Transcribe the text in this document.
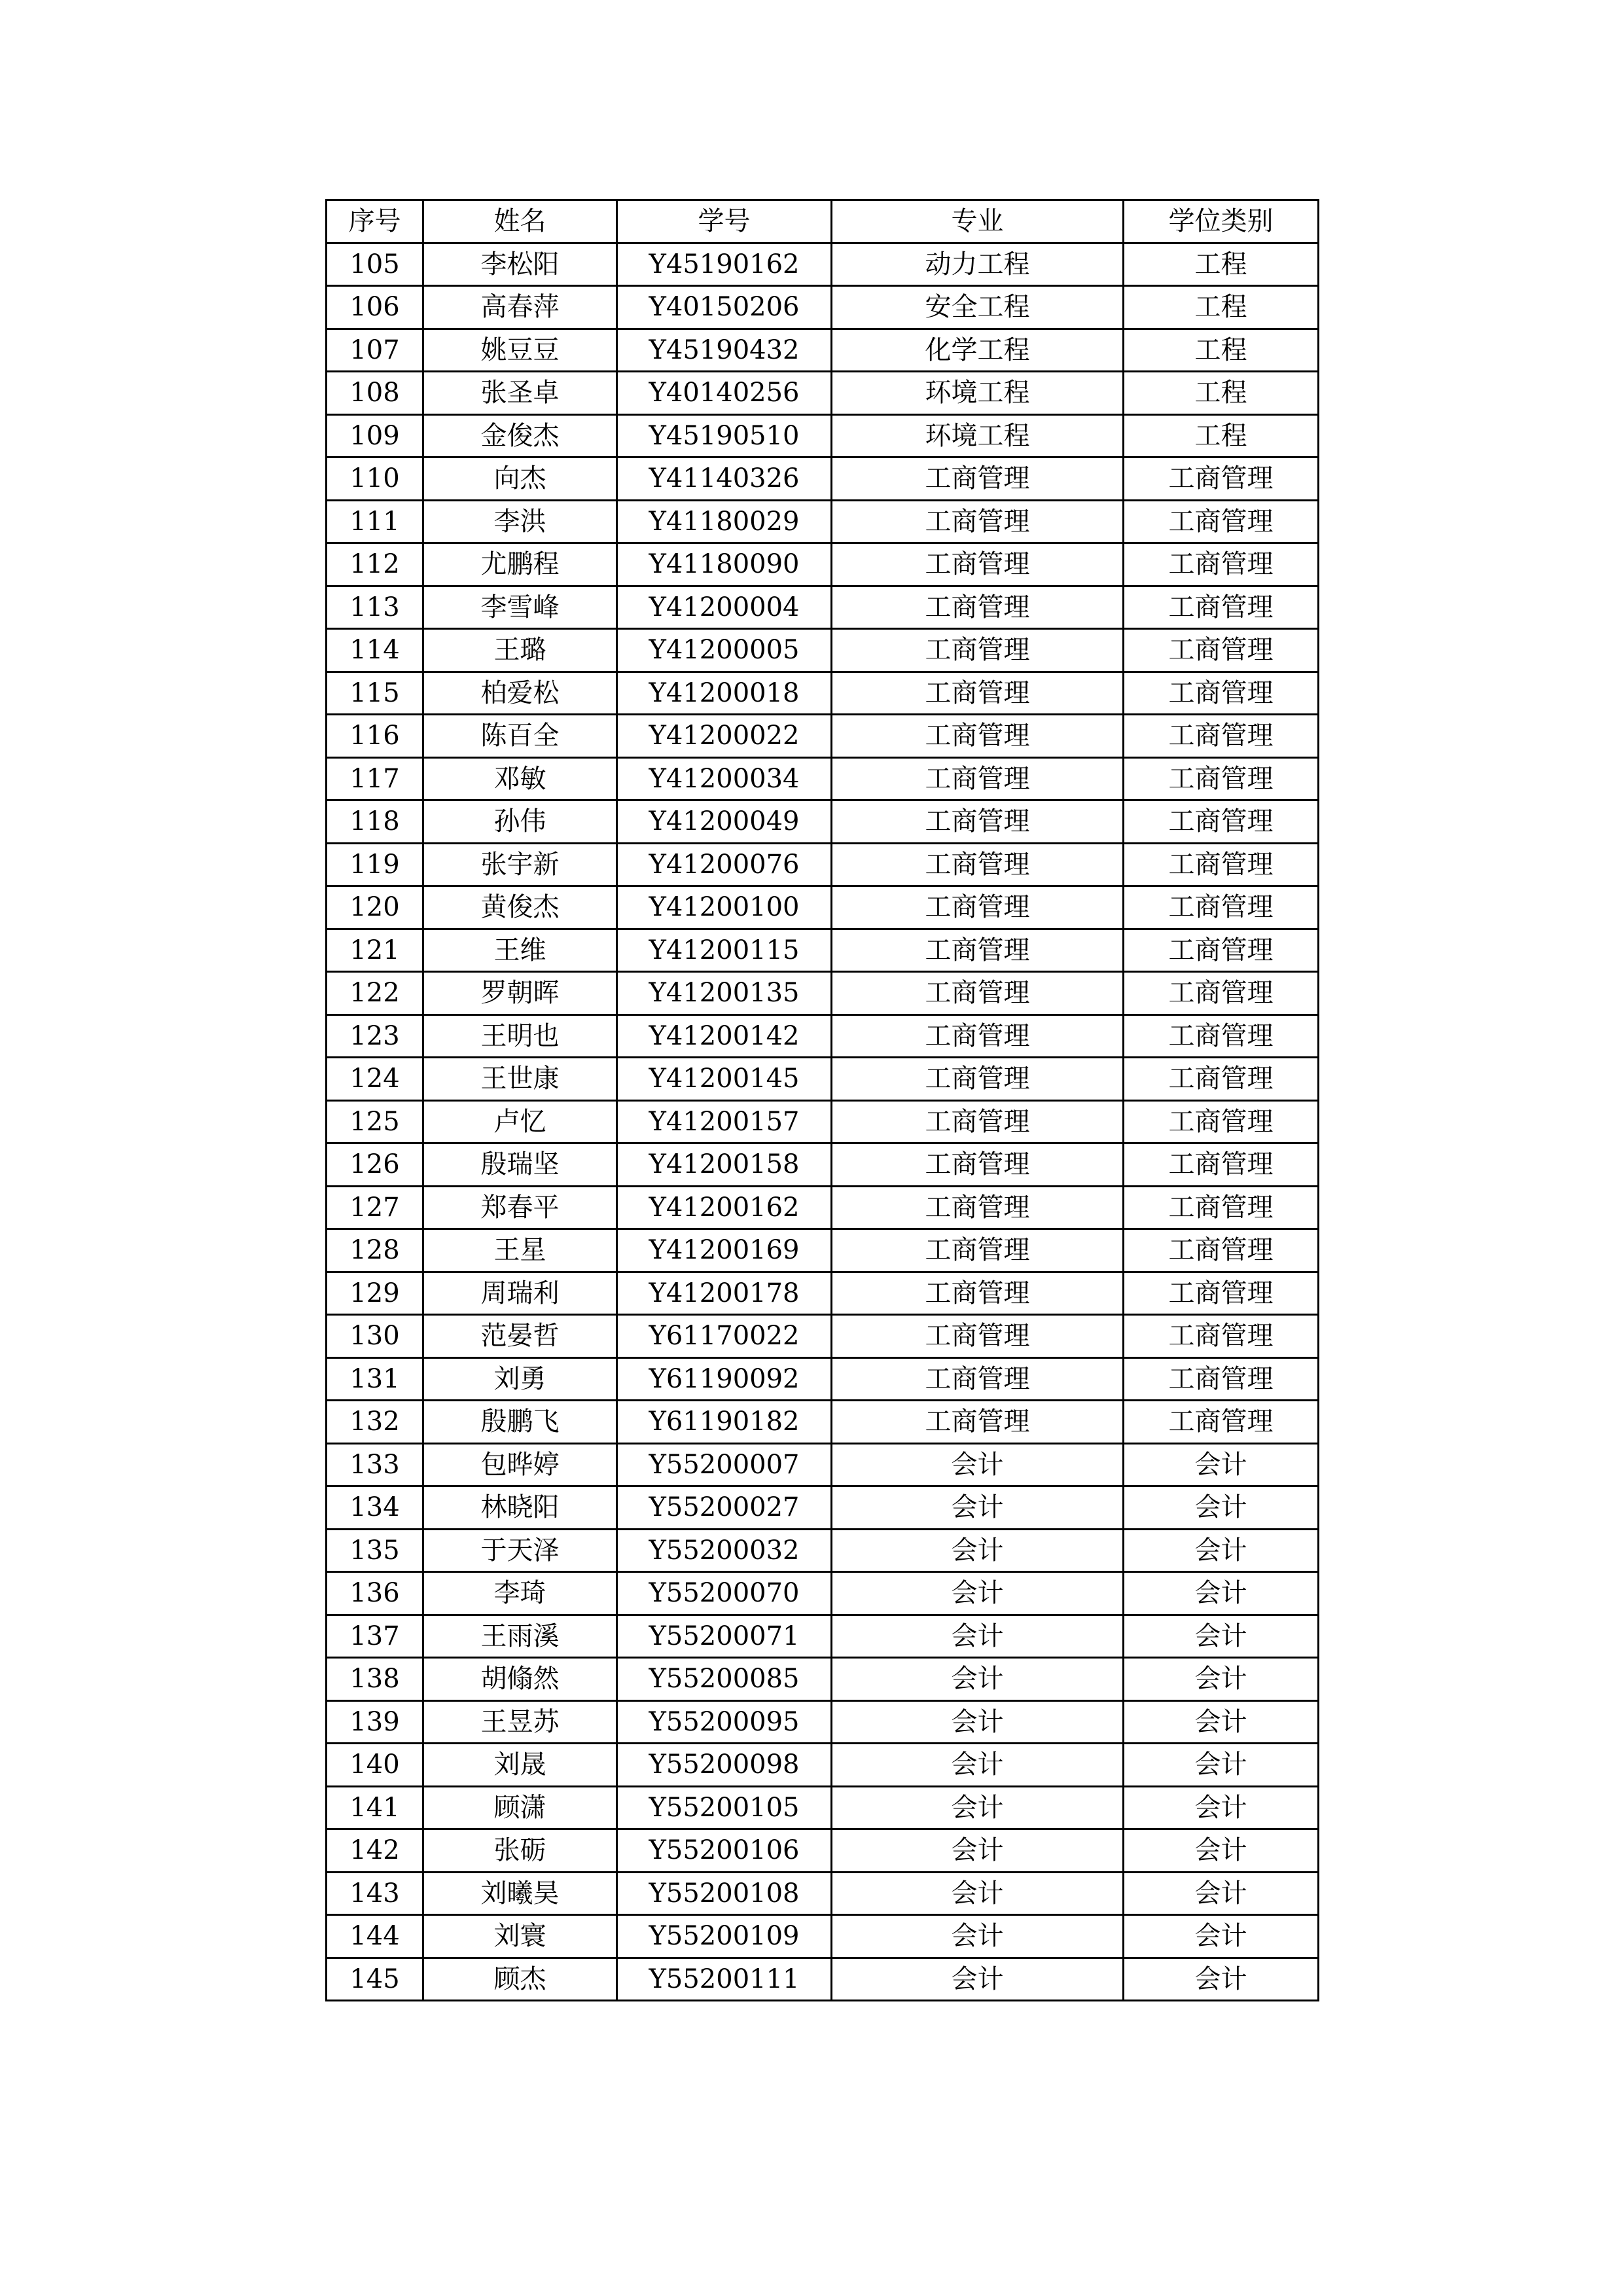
序号	姓名	学号	专业	学位类别
105	李松阳	Y45190162	动力工程	工程
106	高春萍	Y40150206	安全工程	工程
107	姚豆豆	Y45190432	化学工程	工程
108	张圣卓	Y40140256	环境工程	工程
109	金俊杰	Y45190510	环境工程	工程
110	向杰	Y41140326	工商管理	工商管理
111	李洪	Y41180029	工商管理	工商管理
112	尤鹏程	Y41180090	工商管理	工商管理
113	李雪峰	Y41200004	工商管理	工商管理
114	王璐	Y41200005	工商管理	工商管理
115	柏爱松	Y41200018	工商管理	工商管理
116	陈百全	Y41200022	工商管理	工商管理
117	邓敏	Y41200034	工商管理	工商管理
118	孙伟	Y41200049	工商管理	工商管理
119	张宇新	Y41200076	工商管理	工商管理
120	黄俊杰	Y41200100	工商管理	工商管理
121	王维	Y41200115	工商管理	工商管理
122	罗朝晖	Y41200135	工商管理	工商管理
123	王明也	Y41200142	工商管理	工商管理
124	王世康	Y41200145	工商管理	工商管理
125	卢忆	Y41200157	工商管理	工商管理
126	殷瑞坚	Y41200158	工商管理	工商管理
127	郑春平	Y41200162	工商管理	工商管理
128	王星	Y41200169	工商管理	工商管理
129	周瑞利	Y41200178	工商管理	工商管理
130	范晏哲	Y61170022	工商管理	工商管理
131	刘勇	Y61190092	工商管理	工商管理
132	殷鹏飞	Y61190182	工商管理	工商管理
133	包晔婷	Y55200007	会计	会计
134	林晓阳	Y55200027	会计	会计
135	于天泽	Y55200032	会计	会计
136	李琦	Y55200070	会计	会计
137	王雨溪	Y55200071	会计	会计
138	胡翛然	Y55200085	会计	会计
139	王昱苏	Y55200095	会计	会计
140	刘晟	Y55200098	会计	会计
141	顾潇	Y55200105	会计	会计
142	张砺	Y55200106	会计	会计
143	刘曦昊	Y55200108	会计	会计
144	刘寰	Y55200109	会计	会计
145	顾杰	Y55200111	会计	会计
